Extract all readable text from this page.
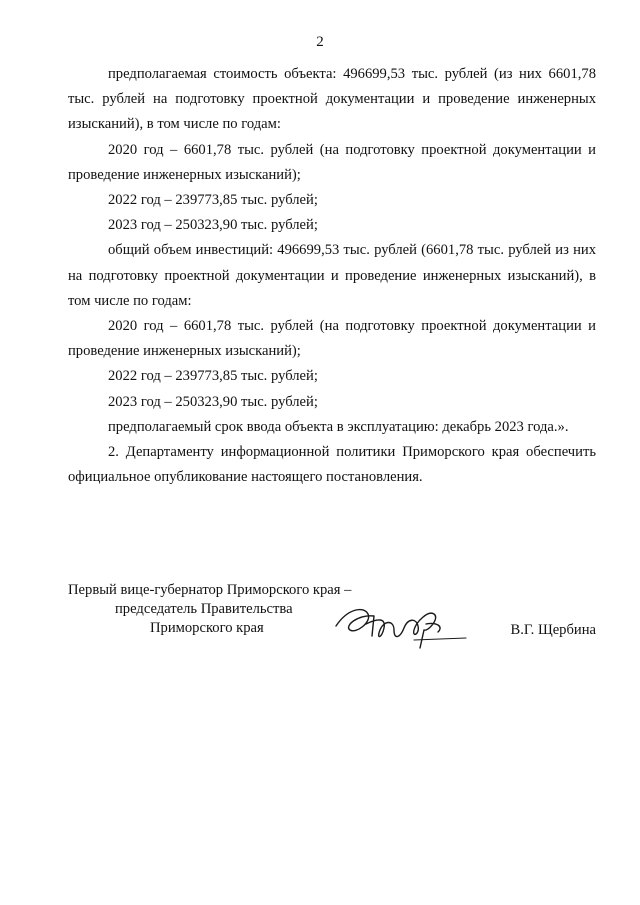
2

предполагаемая стоимость объекта: 496699,53 тыс. рублей (из них 6601,78 тыс. рублей на подготовку проектной документации и проведение инженерных изысканий), в том числе по годам:

2020 год – 6601,78 тыс. рублей (на подготовку проектной документации и проведение инженерных изысканий);

2022 год – 239773,85 тыс. рублей;

2023 год – 250323,90 тыс. рублей;

общий объем инвестиций: 496699,53 тыс. рублей (6601,78 тыс. рублей из них на подготовку проектной документации и проведение инженерных изысканий), в том числе по годам:

2020 год – 6601,78 тыс. рублей (на подготовку проектной документации и проведение инженерных изысканий);

2022 год – 239773,85 тыс. рублей;

2023 год – 250323,90 тыс. рублей;

предполагаемый срок ввода объекта в эксплуатацию: декабрь 2023 года.».

2. Департаменту информационной политики Приморского края обеспечить официальное опубликование настоящего постановления.

Первый вице-губернатор Приморского края –
председатель Правительства
Приморского края	В.Г. Щербина
